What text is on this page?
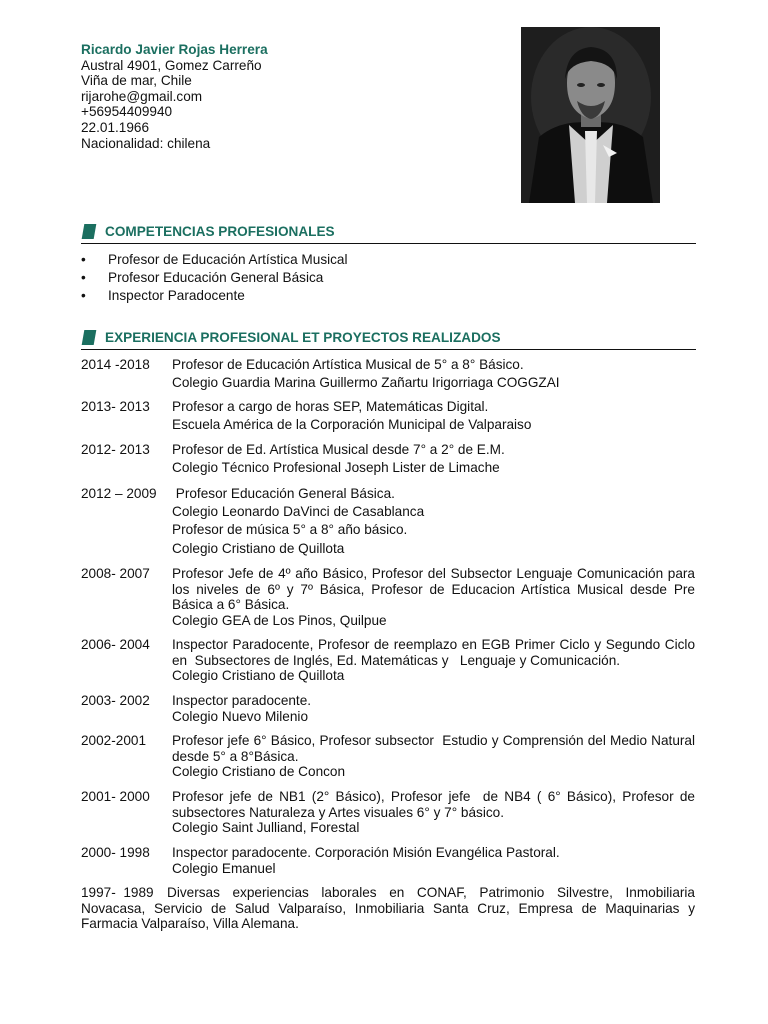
Ricardo Javier Rojas Herrera
Austral 4901, Gomez Carreño
Viña de mar, Chile
rijarohe@gmail.com
+56954409940
22.01.1966
Nacionalidad: chilena
COMPETENCIAS PROFESIONALES
• Profesor de Educación Artística Musical
• Profesor Educación General Básica
• Inspector Paradocente
EXPERIENCIA PROFESIONAL ET PROYECTOS REALIZADOS
2014 -2018 Profesor de Educación Artística Musical de 5° a 8° Básico.
Colegio Guardia Marina Guillermo Zañartu Irigorriaga COGGZAI
2013- 2013 Profesor a cargo de horas SEP, Matemáticas Digital.
Escuela América de la Corporación Municipal de Valparaiso
2012- 2013 Profesor de Ed. Artística Musical desde 7° a 2° de E.M.
Colegio Técnico Profesional Joseph Lister de Limache
2012 – 2009 Profesor Educación General Básica.
Colegio Leonardo DaVinci de Casablanca
Profesor de música 5° a 8° año básico.
Colegio Cristiano de Quillota
2008- 2007 Profesor Jefe de 4º año Básico, Profesor del Subsector Lenguaje Comunicación para los niveles de 6º y 7º Básica, Profesor de Educacion Artística Musical desde Pre Básica a 6° Básica.
Colegio GEA de Los Pinos, Quilpue
2006- 2004 Inspector Paradocente, Profesor de reemplazo en EGB Primer Ciclo y Segundo Ciclo en  Subsectores de Inglés, Ed. Matemáticas y   Lenguaje y Comunicación.
Colegio Cristiano de Quillota
2003- 2002 Inspector paradocente.
Colegio Nuevo Milenio
2002-2001 Profesor jefe 6° Básico, Profesor subsector  Estudio y Comprensión del Medio Natural desde 5° a 8°Básica.
Colegio Cristiano de Concon
2001- 2000 Profesor jefe de NB1 (2° Básico), Profesor jefe  de NB4 ( 6° Básico), Profesor de subsectores Naturaleza y Artes visuales 6° y 7° básico.
Colegio Saint Julliand, Forestal
2000- 1998 Inspector paradocente. Corporación Misión Evangélica Pastoral.
Colegio Emanuel
1997-  1989 Diversas experiencias laborales en CONAF, Patrimonio Silvestre, Inmobiliaria Novacasa, Servicio de Salud Valparaíso, Inmobiliaria Santa Cruz, Empresa de Maquinarias y Farmacia Valparaíso, Villa Alemana.
